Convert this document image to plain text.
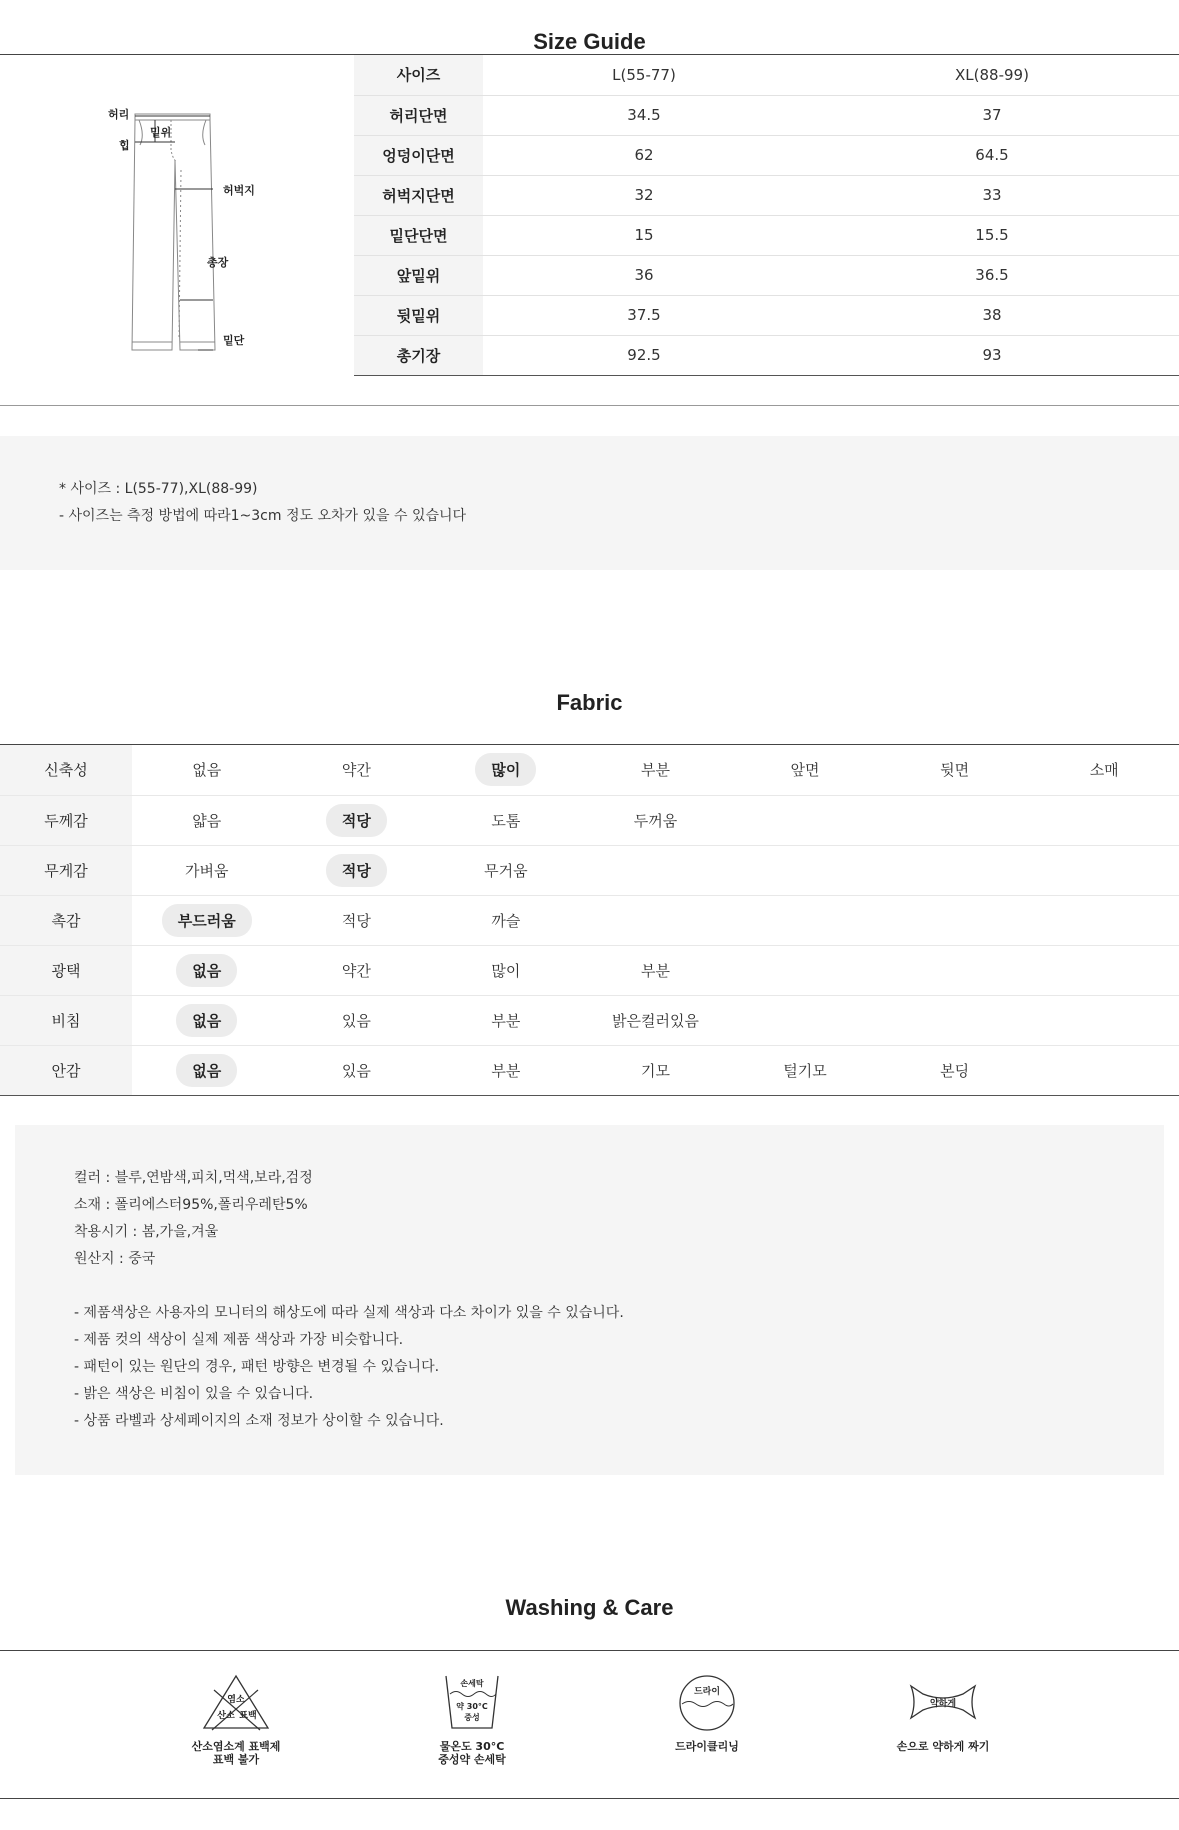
Size Guide
허리
힙
밑위
허벅지
총장
밑단
사이즈	L(55-77)	XL(88-99)
허리단면	34.5	37
엉덩이단면	62	64.5
허벅지단면	32	33
밑단단면	15	15.5
앞밑위	36	36.5
뒷밑위	37.5	38
총기장	92.5	93

* 사이즈 : L(55-77),XL(88-99)

- 사이즈는 측정 방법에 따라1~3cm 정도 오차가 있을 수 있습니다

Fabric
신축성	없음	약간	많이	부분	앞면	뒷면	소매
두께감	얇음	적당	도톰	두꺼움			
무게감	가벼움	적당	무거움				
촉감	부드러움	적당	까슬				
광택	없음	약간	많이	부분			
비침	없음	있음	부분	밝은컬러있음			
안감	없음	있음	부분	기모	털기모	본딩	

컬러 : 블루,연밤색,피치,먹색,보라,검정

소재 : 폴리에스터95%,폴리우레탄5%

착용시기 : 봄,가을,겨울

원산지 : 중국

- 제품색상은 사용자의 모니터의 해상도에 따라 실제 색상과 다소 차이가 있을 수 있습니다.

- 제품 컷의 색상이 실제 제품 색상과 가장 비슷합니다.

- 패턴이 있는 원단의 경우, 패턴 방향은 변경될 수 있습니다.

- 밝은 색상은 비침이 있을 수 있습니다.

- 상품 라벨과 상세페이지의 소재 정보가 상이할 수 있습니다.

Washing & Care
염소
산소 표백
산소염소계 표백제
표백 불가
손세탁
약 30°C
중성
물온도 30°C
중성약 손세탁
드라이
드라이클리닝
약하게
손으로 약하게 짜기
